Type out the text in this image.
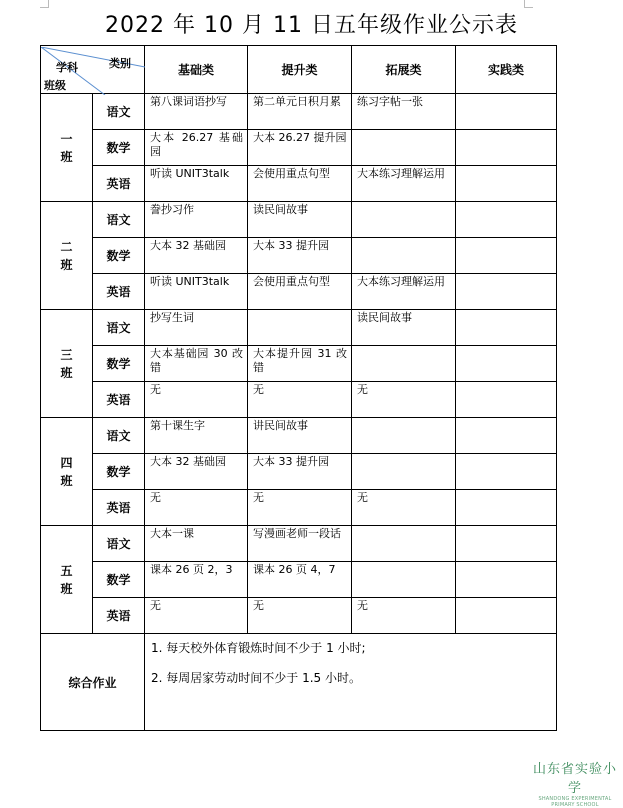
2022 年 10 月 11 日五年级作业公示表
类别
学科
班级		基础类	提升类	拓展类	实践类
一班	语文	第八课词语抄写	第二单元日积月累	练习字帖一张	
	数学	大本 26.27 基础园	大本 26.27 提升园		
	英语	听读 UNIT3talk	会使用重点句型	大本练习理解运用	
二班	语文	誊抄习作	读民间故事		
	数学	大本 32 基础园	大本 33 提升园		
	英语	听读 UNIT3talk	会使用重点句型	大本练习理解运用	
三班	语文	抄写生词		读民间故事	
	数学	大本基础园 30 改错	大本提升园 31 改错		
	英语	无	无	无	
四班	语文	第十课生字	讲民间故事		
	数学	大本 32 基础园	大本 33 提升园		
	英语	无	无	无	
五班	语文	大本一课	写漫画老师一段话		
	数学	课本 26 页 2，3	课本 26 页 4，7		
	英语	无	无	无	
综合作业		1. 每天校外体育锻炼时间不少于 1 小时;

2. 每周居家劳动时间不少于 1.5 小时。			

山东省实验小学
SHANDONG EXPERIMENTAL PRIMARY SCHOOL
